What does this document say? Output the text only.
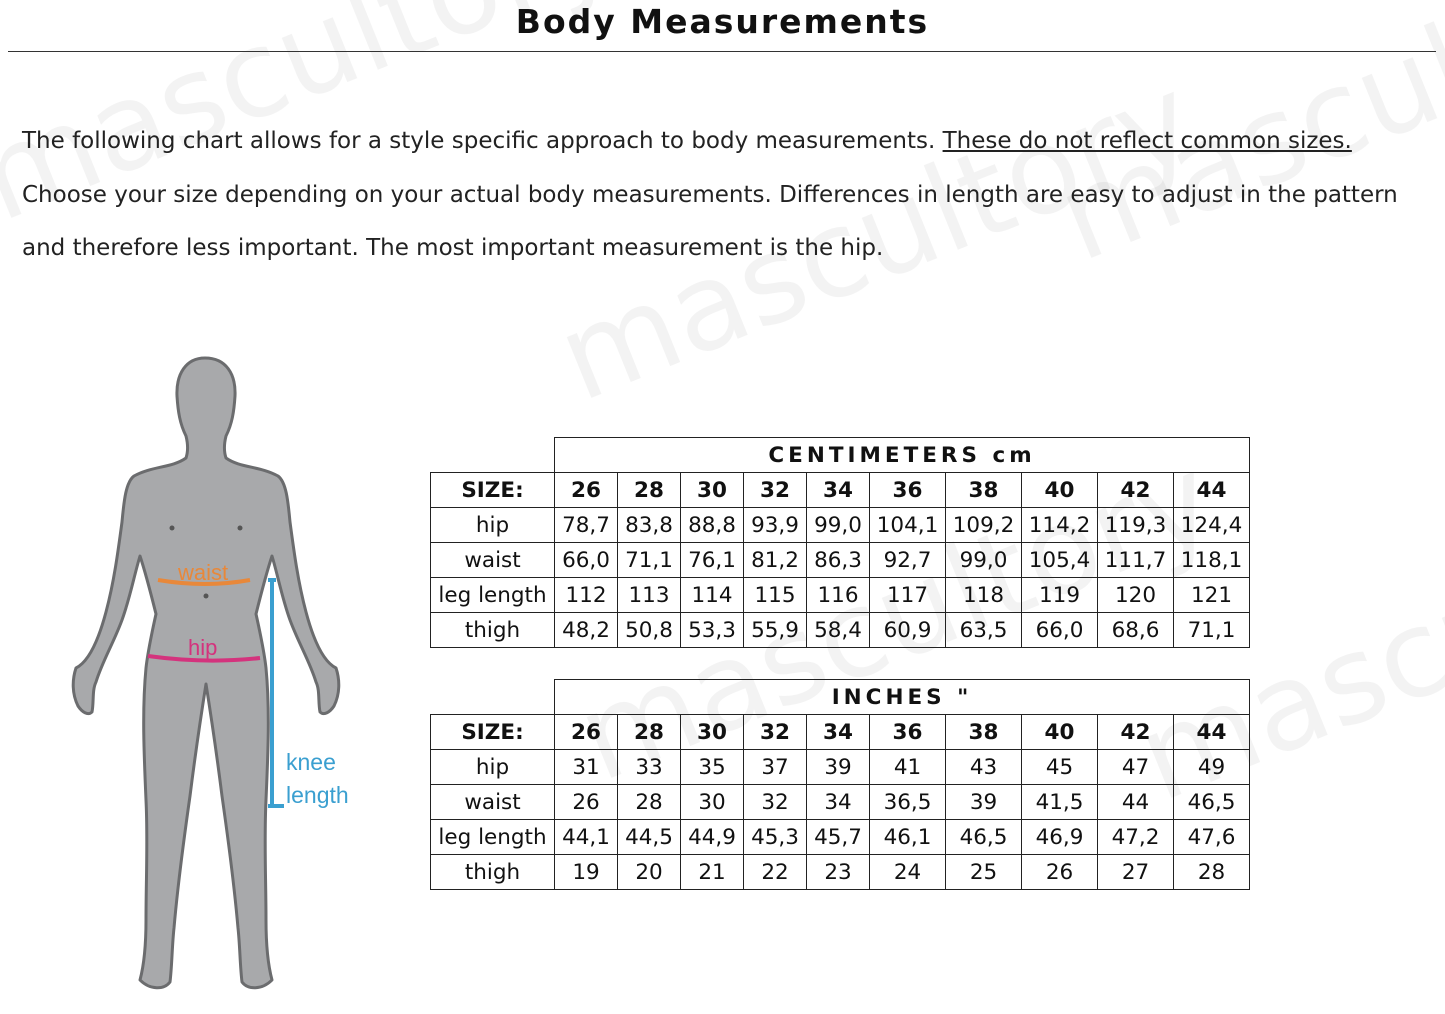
Body Measurements
The following chart allows for a style specific approach to body measurements. These do not reflect common sizes. Choose your size depending on your actual body measurements. Differences in length are easy to adjust in the pattern and therefore less important. The most important measurement is the hip.
waist
hip
knee
length
	CENTIMETERS cm									
SIZE:	26	28	30	32	34	36	38	40	42	44
hip	78,7	83,8	88,8	93,9	99,0	104,1	109,2	114,2	119,3	124,4
waist	66,0	71,1	76,1	81,2	86,3	92,7	99,0	105,4	111,7	118,1
leg length	112	113	114	115	116	117	118	119	120	121
thigh	48,2	50,8	53,3	55,9	58,4	60,9	63,5	66,0	68,6	71,1
	INCHES "									
SIZE:	26	28	30	32	34	36	38	40	42	44
hip	31	33	35	37	39	41	43	45	47	49
waist	26	28	30	32	34	36,5	39	41,5	44	46,5
leg length	44,1	44,5	44,9	45,3	45,7	46,1	46,5	46,9	47,2	47,6
thigh	19	20	21	22	23	24	25	26	27	28
